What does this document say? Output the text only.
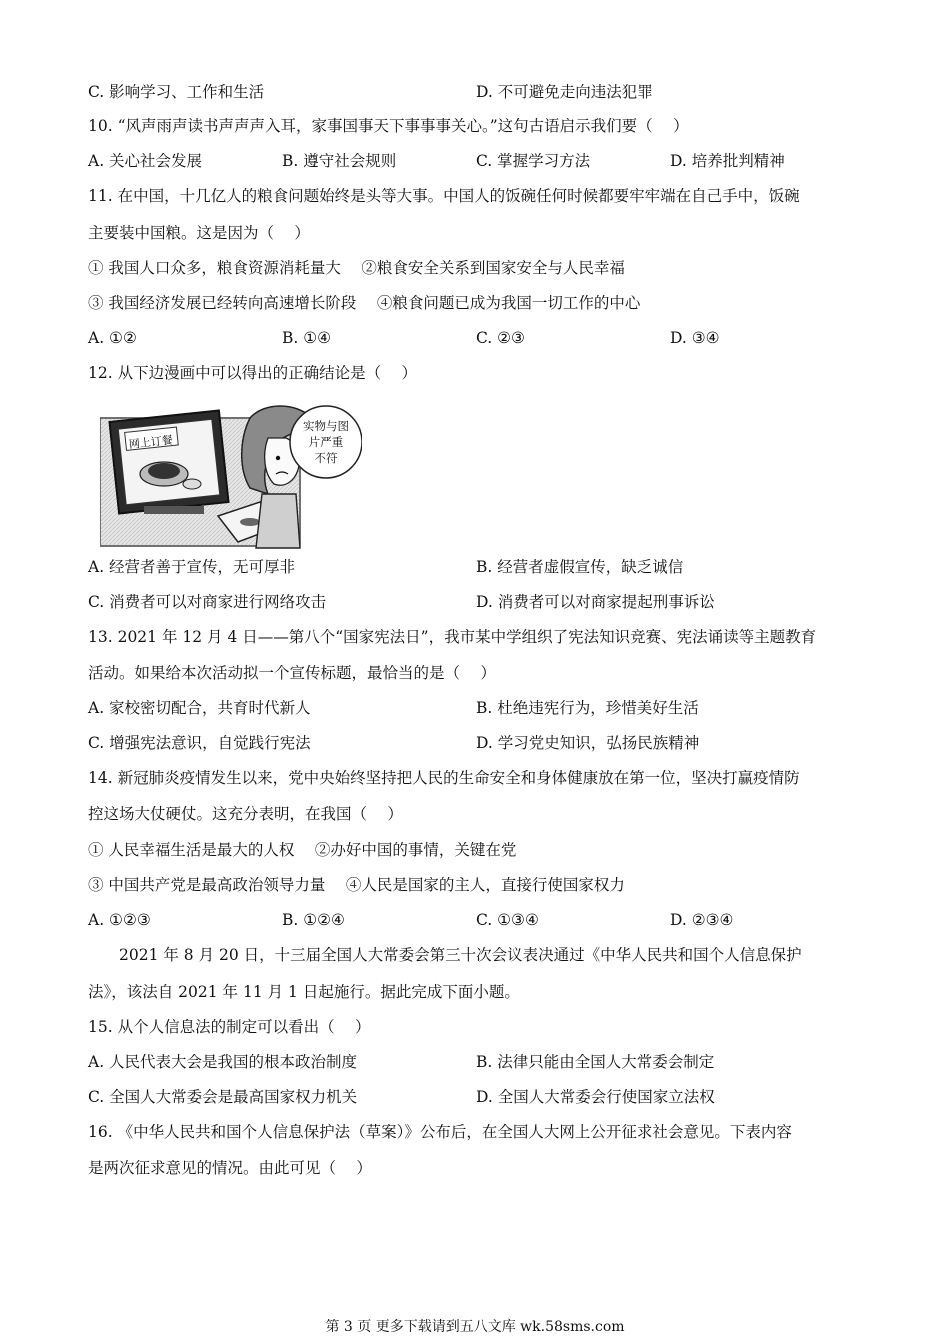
C. 影响学习、工作和生活	D. 不可避免走向违法犯罪
10. “风声雨声读书声声声入耳，家事国事天下事事事关心。”这句古语启示我们要（　 ）
A. 关心社会发展	B. 遵守社会规则	C. 掌握学习方法	D. 培养批判精神
11. 在中国，十几亿人的粮食问题始终是头等大事。中国人的饭碗任何时候都要牢牢端在自己手中，饭碗
主要装中国粮。这是因为（　 ）
① 我国人口众多，粮食资源消耗量大　 ②粮食安全关系到国家安全与人民幸福
③ 我国经济发展已经转向高速增长阶段　 ④粮食问题已成为我国一切工作的中心
A. ①②	B. ①④	C. ②③	D. ③④
12. 从下边漫画中可以得出的正确结论是（　 ）
网上订餐
实物与图
片严重
不符
A. 经营者善于宣传，无可厚非	B. 经营者虚假宣传，缺乏诚信
C. 消费者可以对商家进行网络攻击	D. 消费者可以对商家提起刑事诉讼
13. 2021 年 12 月 4 日——第八个“国家宪法日”，我市某中学组织了宪法知识竞赛、宪法诵读等主题教育
活动。如果给本次活动拟一个宣传标题，最恰当的是（　 ）
A. 家校密切配合，共育时代新人	B. 杜绝违宪行为，珍惜美好生活
C. 增强宪法意识，自觉践行宪法	D. 学习党史知识，弘扬民族精神
14. 新冠肺炎疫情发生以来，党中央始终坚持把人民的生命安全和身体健康放在第一位，坚决打赢疫情防
控这场大仗硬仗。这充分表明，在我国（　 ）
① 人民幸福生活是最大的人权　 ②办好中国的事情，关键在党
③ 中国共产党是最高政治领导力量　 ④人民是国家的主人，直接行使国家权力
A. ①②③	B. ①②④	C. ①③④	D. ②③④
2021 年 8 月 20 日，十三届全国人大常委会第三十次会议表决通过《中华人民共和国个人信息保护
法》，该法自 2021 年 11 月 1 日起施行。据此完成下面小题。
15. 从个人信息法的制定可以看出（　 ）
A. 人民代表大会是我国的根本政治制度	B. 法律只能由全国人大常委会制定
C. 全国人大常委会是最高国家权力机关	D. 全国人大常委会行使国家立法权
16. 《中华人民共和国个人信息保护法（草案）》公布后，在全国人大网上公开征求社会意见。下表内容
是两次征求意见的情况。由此可见（　 ）
第 3 页 更多下载请到五八文库 wk.58sms.com
